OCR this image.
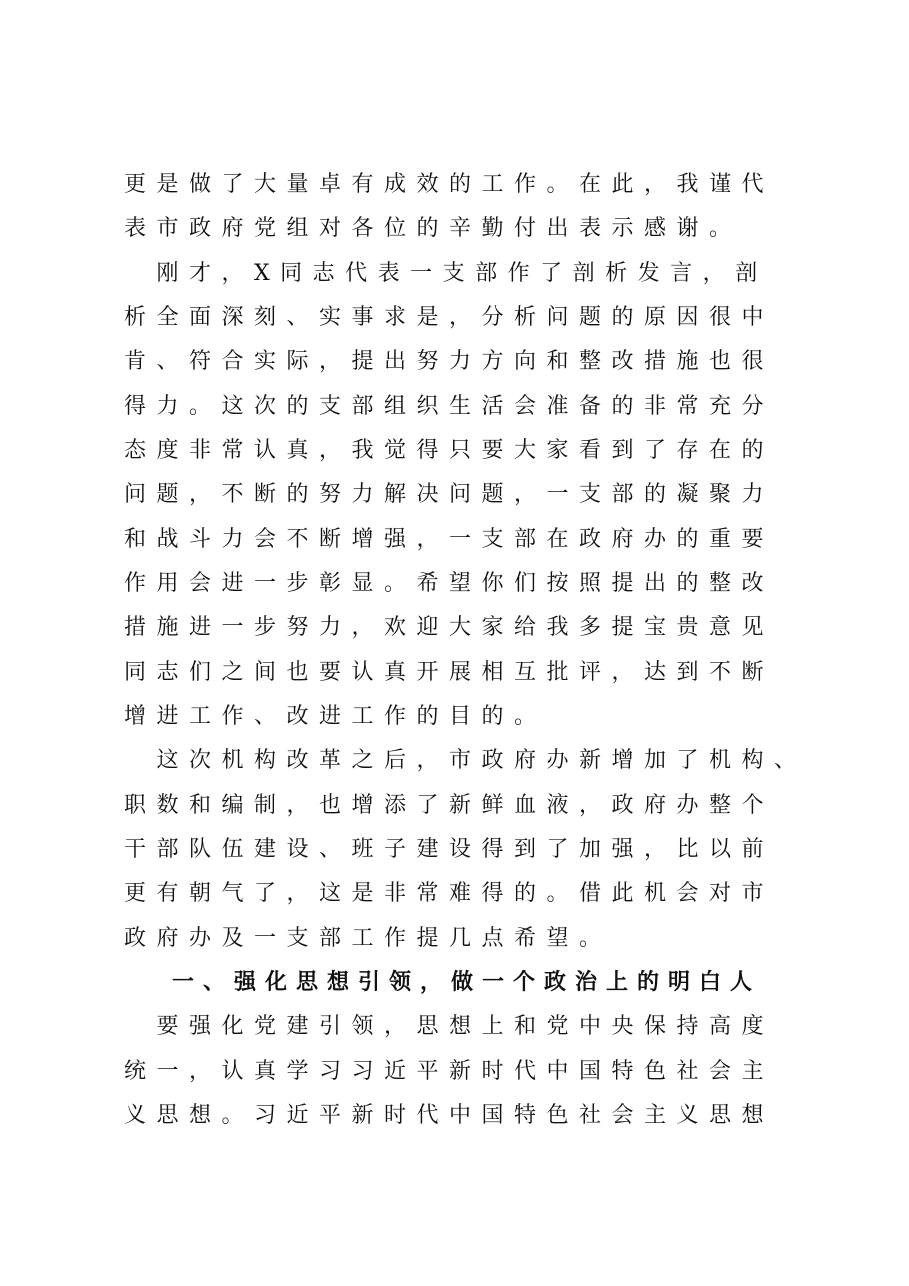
更是做了大量卓有成效的工作。在此，我谨代
表市政府党组对各位的辛勤付出表示感谢。
　刚才，X同志代表一支部作了剖析发言，剖
析全面深刻、实事求是，分析问题的原因很中
肯、符合实际，提出努力方向和整改措施也很
得力。这次的支部组织生活会准备的非常充分
态度非常认真，我觉得只要大家看到了存在的
问题，不断的努力解决问题，一支部的凝聚力
和战斗力会不断增强，一支部在政府办的重要
作用会进一步彰显。希望你们按照提出的整改
措施进一步努力，欢迎大家给我多提宝贵意见
同志们之间也要认真开展相互批评，达到不断
增进工作、改进工作的目的。
　这次机构改革之后，市政府办新增加了机构、
职数和编制，也增添了新鲜血液，政府办整个
干部队伍建设、班子建设得到了加强，比以前
更有朝气了，这是非常难得的。借此机会对市
政府办及一支部工作提几点希望。
一、强化思想引领，做一个政治上的明白人
　要强化党建引领，思想上和党中央保持高度
统一，认真学习习近平新时代中国特色社会主
义思想。习近平新时代中国特色社会主义思想
